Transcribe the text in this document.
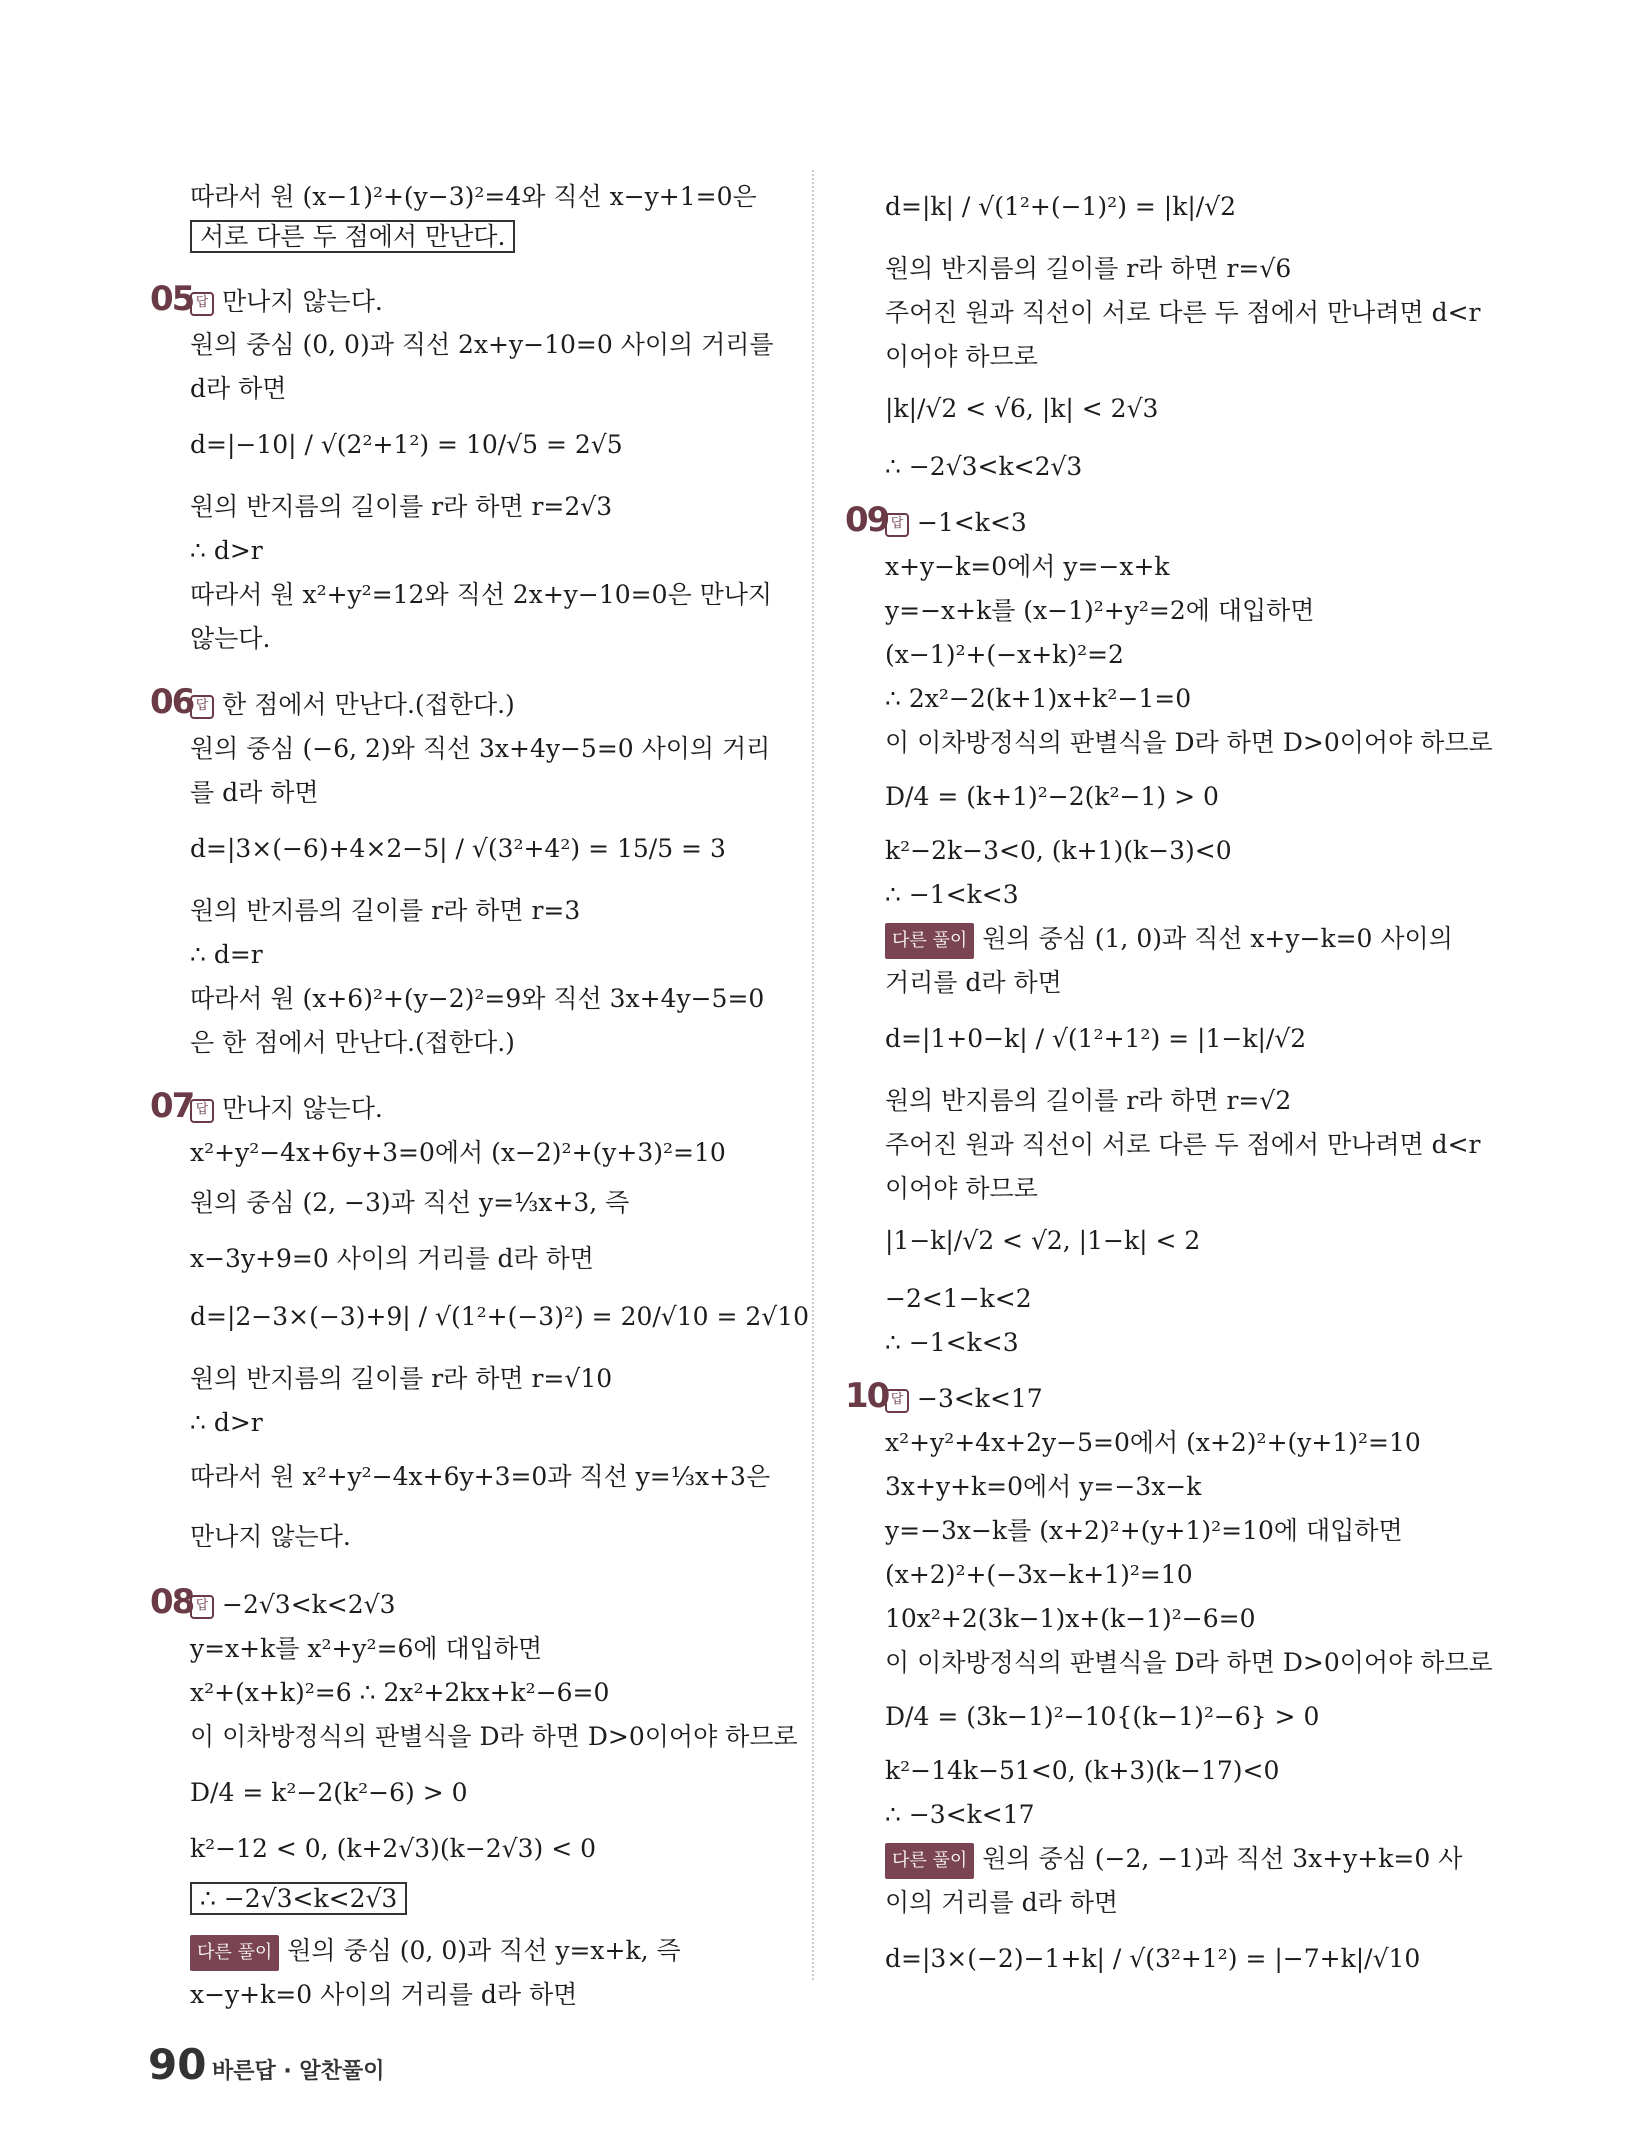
따라서 원 (x−1)²+(y−3)²=4와 직선 x−y+1=0은
서로 다른 두 점에서 만난다.
05 답 만나지 않는다.
원의 중심 (0, 0)과 직선 2x+y−10=0 사이의 거리를
d라 하면
d=|−10| / √(2²+1²) = 10/√5 = 2√5
원의 반지름의 길이를 r라 하면 r=2√3
∴ d>r
따라서 원 x²+y²=12와 직선 2x+y−10=0은 만나지
않는다.
06 답 한 점에서 만난다.(접한다.)
원의 중심 (−6, 2)와 직선 3x+4y−5=0 사이의 거리
를 d라 하면
d=|3×(−6)+4×2−5| / √(3²+4²) = 15/5 = 3
원의 반지름의 길이를 r라 하면 r=3
∴ d=r
따라서 원 (x+6)²+(y−2)²=9와 직선 3x+4y−5=0
은 한 점에서 만난다.(접한다.)
07 답 만나지 않는다.
x²+y²−4x+6y+3=0에서 (x−2)²+(y+3)²=10
원의 중심 (2, −3)과 직선 y=⅓x+3, 즉
x−3y+9=0 사이의 거리를 d라 하면
d=|2−3×(−3)+9| / √(1²+(−3)²) = 20/√10 = 2√10
원의 반지름의 길이를 r라 하면 r=√10
∴ d>r
따라서 원 x²+y²−4x+6y+3=0과 직선 y=⅓x+3은
만나지 않는다.
08 답 −2√3<k<2√3
y=x+k를 x²+y²=6에 대입하면
x²+(x+k)²=6 ∴ 2x²+2kx+k²−6=0
이 이차방정식의 판별식을 D라 하면 D>0이어야 하므로
D/4 = k²−2(k²−6) > 0
k²−12 < 0, (k+2√3)(k−2√3) < 0
∴ −2√3<k<2√3
다른 풀이 원의 중심 (0, 0)과 직선 y=x+k, 즉
x−y+k=0 사이의 거리를 d라 하면
d=|k| / √(1²+(−1)²) = |k|/√2
원의 반지름의 길이를 r라 하면 r=√6
주어진 원과 직선이 서로 다른 두 점에서 만나려면 d<r
이어야 하므로
|k|/√2 < √6, |k| < 2√3
∴ −2√3<k<2√3
09 답 −1<k<3
x+y−k=0에서 y=−x+k
y=−x+k를 (x−1)²+y²=2에 대입하면
(x−1)²+(−x+k)²=2
∴ 2x²−2(k+1)x+k²−1=0
이 이차방정식의 판별식을 D라 하면 D>0이어야 하므로
D/4 = (k+1)²−2(k²−1) > 0
k²−2k−3<0, (k+1)(k−3)<0
∴ −1<k<3
다른 풀이 원의 중심 (1, 0)과 직선 x+y−k=0 사이의
거리를 d라 하면
d=|1+0−k| / √(1²+1²) = |1−k|/√2
원의 반지름의 길이를 r라 하면 r=√2
주어진 원과 직선이 서로 다른 두 점에서 만나려면 d<r
이어야 하므로
|1−k|/√2 < √2, |1−k| < 2
−2<1−k<2
∴ −1<k<3
10 답 −3<k<17
x²+y²+4x+2y−5=0에서 (x+2)²+(y+1)²=10
3x+y+k=0에서 y=−3x−k
y=−3x−k를 (x+2)²+(y+1)²=10에 대입하면
(x+2)²+(−3x−k+1)²=10
10x²+2(3k−1)x+(k−1)²−6=0
이 이차방정식의 판별식을 D라 하면 D>0이어야 하므로
D/4 = (3k−1)²−10{(k−1)²−6} > 0
k²−14k−51<0, (k+3)(k−17)<0
∴ −3<k<17
다른 풀이 원의 중심 (−2, −1)과 직선 3x+y+k=0 사
이의 거리를 d라 하면
d=|3×(−2)−1+k| / √(3²+1²) = |−7+k|/√10
90 바른답 · 알찬풀이
